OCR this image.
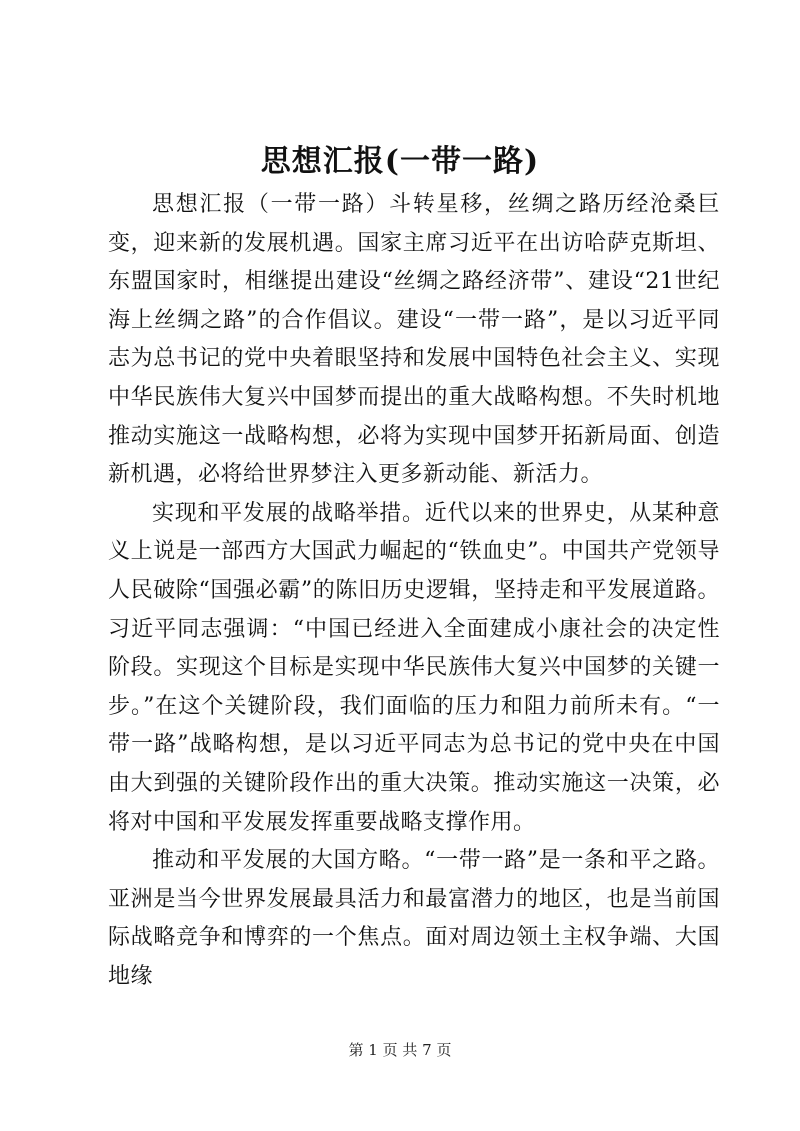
思想汇报(一带一路)

思想汇报（一带一路）斗转星移，丝绸之路历经沧桑巨变，迎来新的发展机遇。国家主席习近平在出访哈萨克斯坦、东盟国家时，相继提出建设“丝绸之路经济带”、建设“21世纪海上丝绸之路”的合作倡议。建设“一带一路”，是以习近平同志为总书记的党中央着眼坚持和发展中国特色社会主义、实现中华民族伟大复兴中国梦而提出的重大战略构想。不失时机地推动实施这一战略构想，必将为实现中国梦开拓新局面、创造新机遇，必将给世界梦注入更多新动能、新活力。

实现和平发展的战略举措。近代以来的世界史，从某种意义上说是一部西方大国武力崛起的“铁血史”。中国共产党领导人民破除“国强必霸”的陈旧历史逻辑，坚持走和平发展道路。习近平同志强调：“中国已经进入全面建成小康社会的决定性阶段。实现这个目标是实现中华民族伟大复兴中国梦的关键一步。”在这个关键阶段，我们面临的压力和阻力前所未有。“一带一路”战略构想，是以习近平同志为总书记的党中央在中国由大到强的关键阶段作出的重大决策。推动实施这一决策，必将对中国和平发展发挥重要战略支撑作用。

推动和平发展的大国方略。“一带一路”是一条和平之路。亚洲是当今世界发展最具活力和最富潜力的地区，也是当前国际战略竞争和博弈的一个焦点。面对周边领土主权争端、大国地缘

第 1 页 共 7 页
